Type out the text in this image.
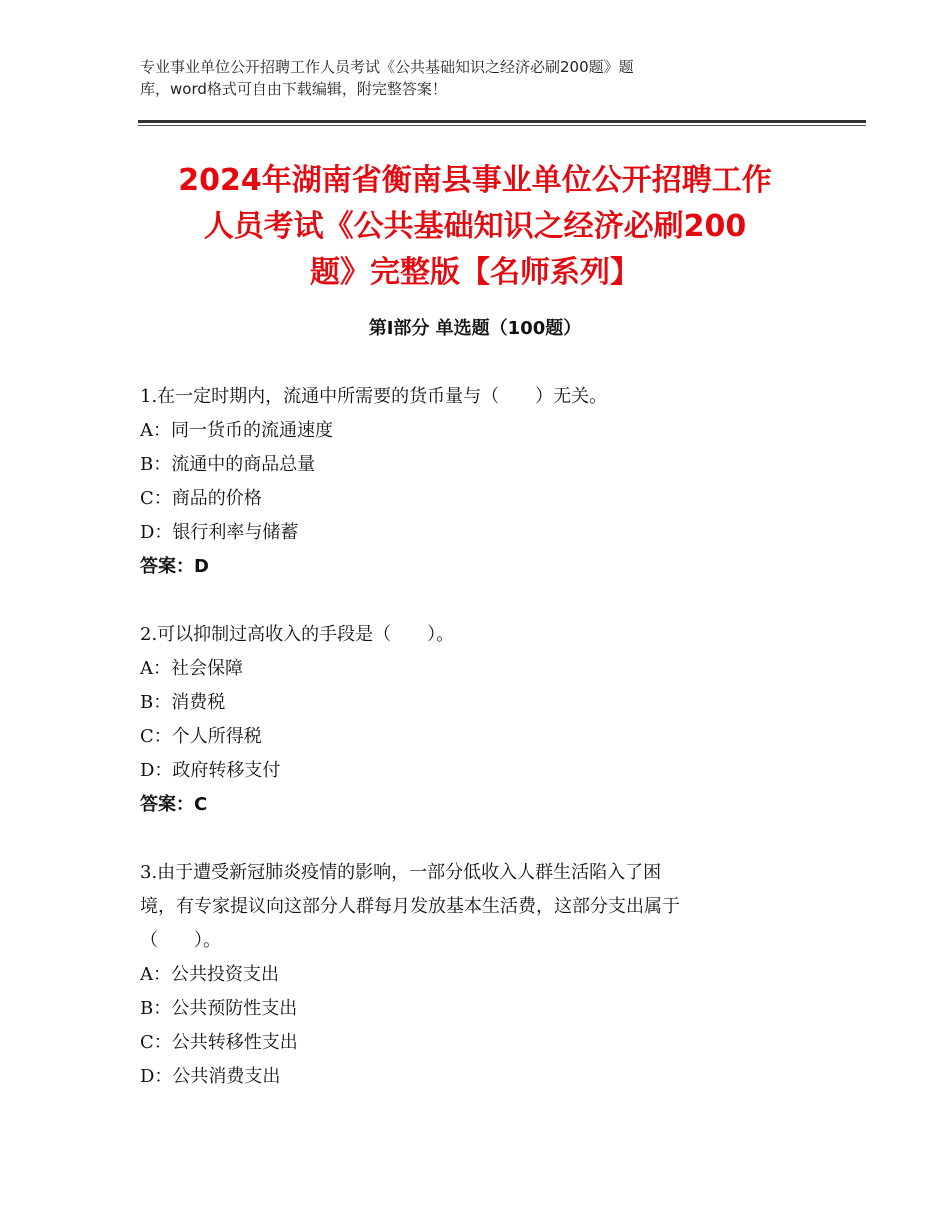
专业事业单位公开招聘工作人员考试《公共基础知识之经济必刷200题》题
库，word格式可自由下载编辑，附完整答案！
2024年湖南省衡南县事业单位公开招聘工作
人员考试《公共基础知识之经济必刷200
题》完整版【名师系列】
第I部分 单选题（100题）

1.在一定时期内，流通中所需要的货币量与（　　）无关。

A：同一货币的流通速度

B：流通中的商品总量

C：商品的价格

D：银行利率与储蓄

答案：D

2.可以抑制过高收入的手段是（　　）。

A：社会保障

B：消费税

C：个人所得税

D：政府转移支付

答案：C

3.由于遭受新冠肺炎疫情的影响，一部分低收入人群生活陷入了困

境，有专家提议向这部分人群每月发放基本生活费，这部分支出属于

（　　）。

A：公共投资支出

B：公共预防性支出

C：公共转移性支出

D：公共消费支出
